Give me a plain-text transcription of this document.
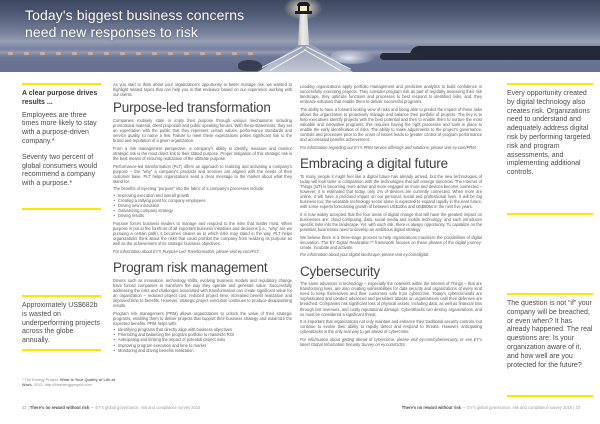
Today's biggest business concerns
need new responses to risk
A clear purpose drives results ...

Employees are three times more likely to stay with a purpose-driven company.*

Seventy two percent of global consumers would recommend a company with a purpose.*

Approximately US$682b is wasted on underperforming projects across the globe annually.

* The Energy Project: What Is Your Quality of Life at Work, 2013. http://theenergyproject.com

As you start to think about your organization's opportunity to better manage risk, we wanted to highlight related topics that can help you in that endeavor based on our experience working with our clients.

Purpose-led transformation

Companies routinely state or imply their purpose through various mechanisms including promotional material, client proposals and public speaking forums. With these statements, they set an expectation with the public that they represent certain values, performance standards and service quality, to name a few. Failure to meet these expectations poses significant risk to the brand and reputation of a given organization.

From a risk management perspective, a company's ability to identify, measure and monitor strategic risk is the most direct link to their stated purpose. Proper mitigation of this strategic risk is the best means of ensuring realization of the ultimate purpose.

Performance-led transformation (PLT) offers an approach to realizing and activating a company's purpose – the “why” a company's products and services are aligned with the needs of their customer base. PLT helps organizations send a clear message to the market about what they stand for.

The benefits of injecting “purpose” into the fabric of a company's processes include:

• Improving execution and overall growth
• Creating a rallying point for company employees
• Driving new innovation
• Galvanizing company strategy
• Driving results

Purpose forces business leaders to manage and respond to the risks that matter most. When purpose is put at the forefront of all important business initiatives and decisions (i.e., “why” are we pursuing a certain path), it becomes clearer as to which risks may stand in the way. PLT helps organizations think about the risks that could prohibit the company from realizing its purpose as well as the achievement of its strategic business objectives.

For information about EY's Purpose Led Transformation, please visit ey.com/PLT.

Program risk management

Drivers such as innovation, technology shifts, evolving business models and regulatory change have forced companies to transform the way they operate and generate value. Successfully addressing the risks and challenges associated with transformation can create significant value for an organization – reduced project cost, reduced project time, increased benefit realization and improved time to benefits. However, strategic project execution continues to produce disappointing results.

Program risk management (PRM) allows organizations to unlock the value of their strategic programs, enabling them to deliver projects that support their business strategy and maximize the expected benefits. PRM helps with:

• Identifying programs that directly align with business objectives
• Prioritizing and balancing the program portfolio to maximize ROI
• Anticipating and limiting the impact of potential project risks
• Improving program execution and time to market
• Monitoring and driving benefits realization

Leading organizations apply portfolio management and predictive analytics to build confidence in successfully executing projects. They consider program risk as part of regularly assessing their risk landscape, they optimize functions and processes to best respond to identified risks, and, they embrace solutions that enable them to deliver successful programs.

The ability to have a forward looking view of risks and being able to predict the impact of those risks allows the organization to proactively manage and balance their portfolio of projects. The key is to help executives identify projects with the best potential and then to enable them to nurture the most valuable and innovative programs; this requires having the right processes and tools in place to enable the early identification of risks. The ability to make adjustments to the project's governance, controls and processes prior to the onset of issues leads to greater control of program performance and accelerated benefits achievement.

For information regarding our EY's PRM service offerings and solutions, please visit ey.com/PRM.

Embracing a digital future

To many people it might feel like a digital future has already arrived, but the new technologies of today will look tame in comparison with the technologies that will emerge tomorrow. The Internet of Things (IoT) is becoming more active and more engaged as more and devices become connected – however, it is estimated that today, only 1% of devices are currently connected. When more are online, it will have a profound impact on our personal, social and professional lives. It will be big business too; the wearable technology sector alone is expected to expand rapidly in the near future, with some experts forecasting growth of between US$10bn and US$50bn in the next five years.

It is now widely accepted that the four areas of digital change that will have the greatest impact on businesses are: cloud computing, data, social media and mobile technology, and each introduces specific risks into the landscape. Yet, with each risk, there is always opportunity. To capitalize on the potential, businesses need to develop an ambitious digital strategy.

We believe there is a three-stage process to help organizations maximize the possibilities of digital innovation. The EY Digital Realization™ framework focuses on these phases of the digital journey: create, incubate and activate.

For information about your digital landscape, please visit ey.com/digital.

Cybersecurity

The same advances in technology – especially the networks within the Internet of Things – that are transforming lives, are also creating vulnerabilities for data security and organizations of every kind need to keep themselves and their customers safe from cybercrime. Today's cybercriminals are sophisticated and conduct advanced and persistent attacks on organizations until their defenses are breached. Companies risk significant loss of physical assets, including data, as well as financial loss through lost revenues, and costly reputational damage. Cyberattacks can destroy organizations, and so must be considered a significant threat.

It is important that organizations not only maintain and enhance their traditional security controls, but continue to evolve their ability to rapidly detect and respond to threats. However, anticipating cyberattacks is the only real way to get ahead of cybercrime.

For information about getting ahead of cybercrime, please visit ey.com/cybersecurity, or see EY's latest Global Information Security Survey on ey.com/GISS.

Every opportunity created by digital technology also creates risk. Organizations need to understand and adequately address digital risk by performing targeted risk and program assessments, and implementing additional controls.

The question is not “if” your company will be breached, or even when? It has already happened. The real questions are: Is your organization aware of it, and how well are you protected for the future?

22 | There's no reward without risk — EY's global governance, risk and compliance survey 2015	There's no reward without risk — EY's global governance, risk and compliance survey 2015 | 23
